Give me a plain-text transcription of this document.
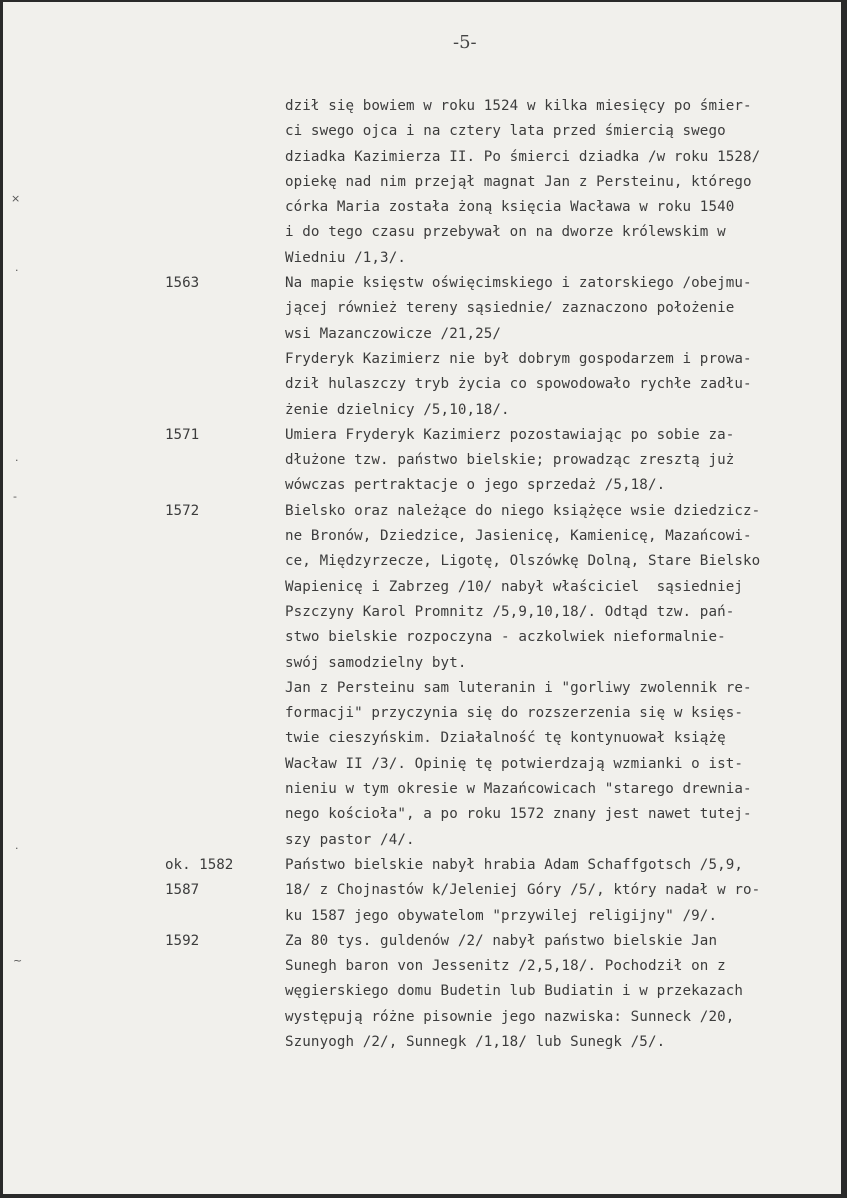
-5-
1563
1571
1572
ok. 1582
1587
1592
dził się bowiem w roku 1524 w kilka miesięcy po śmier-
ci swego ojca i na cztery lata przed śmiercią swego
dziadka Kazimierza II. Po śmierci dziadka /w roku 1528/
opiekę nad nim przejął magnat Jan z Persteinu, którego
córka Maria została żoną księcia Wacława w roku 1540
i do tego czasu przebywał on na dworze królewskim w
Wiedniu /1,3/.
Na mapie księstw oświęcimskiego i zatorskiego /obejmu-
jącej również tereny sąsiednie/ zaznaczono położenie
wsi Mazanczowicze /21,25/
Fryderyk Kazimierz nie był dobrym gospodarzem i prowa-
dził hulaszczy tryb życia co spowodowało rychłe zadłu-
żenie dzielnicy /5,10,18/.
Umiera Fryderyk Kazimierz pozostawiając po sobie za-
dłużone tzw. państwo bielskie; prowadząc zresztą już
wówczas pertraktacje o jego sprzedaż /5,18/.
Bielsko oraz należące do niego książęce wsie dziedzicz-
ne Bronów, Dziedzice, Jasienicę, Kamienicę, Mazańcowi-
ce, Międzyrzecze, Ligotę, Olszówkę Dolną, Stare Bielsko
Wapienicę i Zabrzeg /10/ nabył właściciel  sąsiedniej
Pszczyny Karol Promnitz /5,9,10,18/. Odtąd tzw. pań-
stwo bielskie rozpoczyna - aczkolwiek nieformalnie-
swój samodzielny byt.
Jan z Persteinu sam luteranin i "gorliwy zwolennik re-
formacji" przyczynia się do rozszerzenia się w księs-
twie cieszyńskim. Działalność tę kontynuował książę
Wacław II /3/. Opinię tę potwierdzają wzmianki o ist-
nieniu w tym okresie w Mazańcowicach "starego drewnia-
nego kościoła", a po roku 1572 znany jest nawet tutej-
szy pastor /4/.
Państwo bielskie nabył hrabia Adam Schaffgotsch /5,9,
18/ z Chojnastów k/Jeleniej Góry /5/, który nadał w ro-
ku 1587 jego obywatelom "przywilej religijny" /9/.
Za 80 tys. guldenów /2/ nabył państwo bielskie Jan
Sunegh baron von Jessenitz /2,5,18/. Pochodził on z
węgierskiego domu Budetin lub Budiatin i w przekazach
występują różne pisownie jego nazwiska: Sunneck /20,
Szunyogh /2/, Sunnegk /1,18/ lub Sunegk /5/.
×
·
·
-
·
~
